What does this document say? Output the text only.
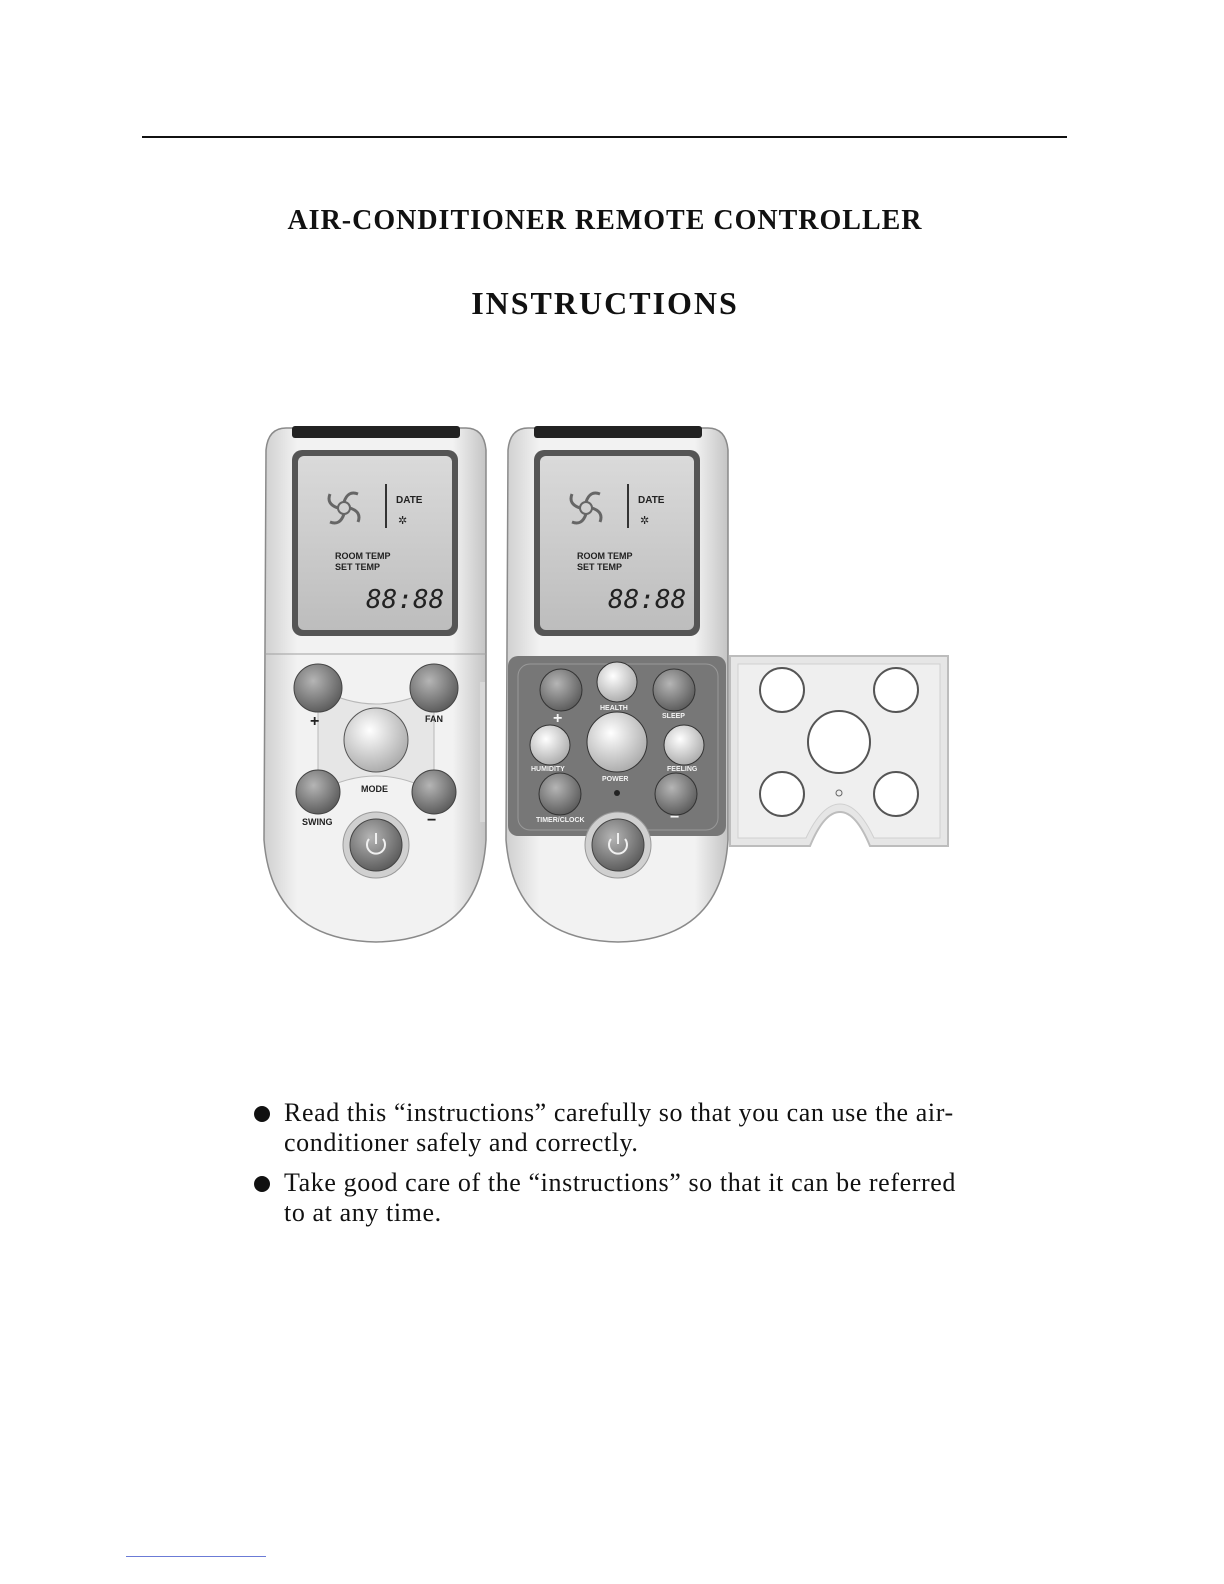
AIR-CONDITIONER REMOTE CONTROLLER
INSTRUCTIONS
DATE
✲
ROOM TEMP
SET TEMP
88:88
+	FAN
MODE
SWING	−
DATE
✲
ROOM TEMP
SET TEMP
88:88
+
HEALTH
SLEEP
HUMIDITY	FEELING
POWER
TIMER/CLOCK	−
Read this “instructions” carefully so that you can use the air-conditioner safely and correctly.
Take good care of the “instructions” so that it can be referred to at any time.
